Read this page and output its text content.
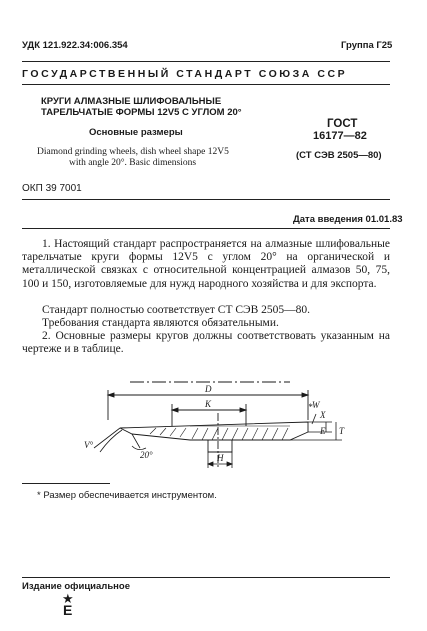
УДК 121.922.34:006.354	Группа Г25
ГОСУДАРСТВЕННЫЙ СТАНДАРТ СОЮЗА ССР
КРУГИ АЛМАЗНЫЕ ШЛИФОВАЛЬНЫЕ
ТАРЕЛЬЧАТЫЕ ФОРМЫ 12V5 С УГЛОМ 20°
Основные размеры
Diamond grinding wheels, dish wheel shape 12V5
with angle 20°. Basic dimensions
ГОСТ
16177—82
(СТ СЭВ 2505—80)
ОКП 39 7001
Дата введения 01.01.83
1. Настоящий стандарт распространяется на алмазные шлифовальные тарельчатые круги формы 12V5 с углом 20° на органической и металлической связках с относительной концентрацией алмазов 50, 75, 100 и 150, изготовляемые для нужд народного хозяйства и для экспорта.
Стандарт полностью соответствует СТ СЭВ 2505—80.
Требования стандарта являются обязательными.
2. Основные размеры кругов должны соответствовать указанным на чертеже и в таблице.
D
K
H
W
X
E T
V°
20°
*
* Размер обеспечивается инструментом.
Издание официальное
★
Е
